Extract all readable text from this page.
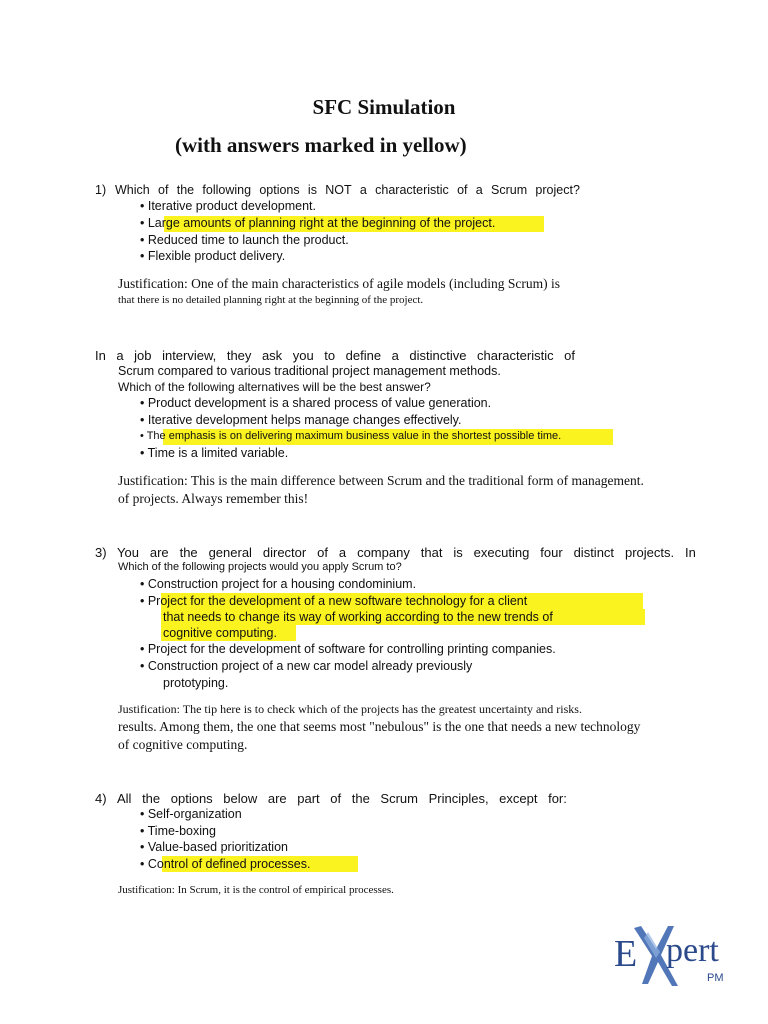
SFC Simulation
(with answers marked in yellow)
1) Which of the following options is NOT a characteristic of a Scrum project?
• Iterative product development.
• Large amounts of planning right at the beginning of the project.
• Reduced time to launch the product.
• Flexible product delivery.
Justification: One of the main characteristics of agile models (including Scrum) is
that there is no detailed planning right at the beginning of the project.
In a job interview, they ask you to define a distinctive characteristic of
Scrum compared to various traditional project management methods.
Which of the following alternatives will be the best answer?
• Product development is a shared process of value generation.
• Iterative development helps manage changes effectively.
• The emphasis is on delivering maximum business value in the shortest possible time.
• Time is a limited variable.
Justification: This is the main difference between Scrum and the traditional form of management.
of projects. Always remember this!
3) You are the general director of a company that is executing four distinct projects. In
Which of the following projects would you apply Scrum to?
• Construction project for a housing condominium.
• Project for the development of a new software technology for a client
that needs to change its way of working according to the new trends of
cognitive computing.
• Project for the development of software for controlling printing companies.
• Construction project of a new car model already previously
prototyping.
Justification: The tip here is to check which of the projects has the greatest uncertainty and risks.
results. Among them, the one that seems most "nebulous" is the one that needs a new technology
of cognitive computing.
4) All the options below are part of the Scrum Principles, except for:
• Self-organization
• Time-boxing
• Value-based prioritization
• Control of defined processes.
Justification: In Scrum, it is the control of empirical processes.
E pert
PM
